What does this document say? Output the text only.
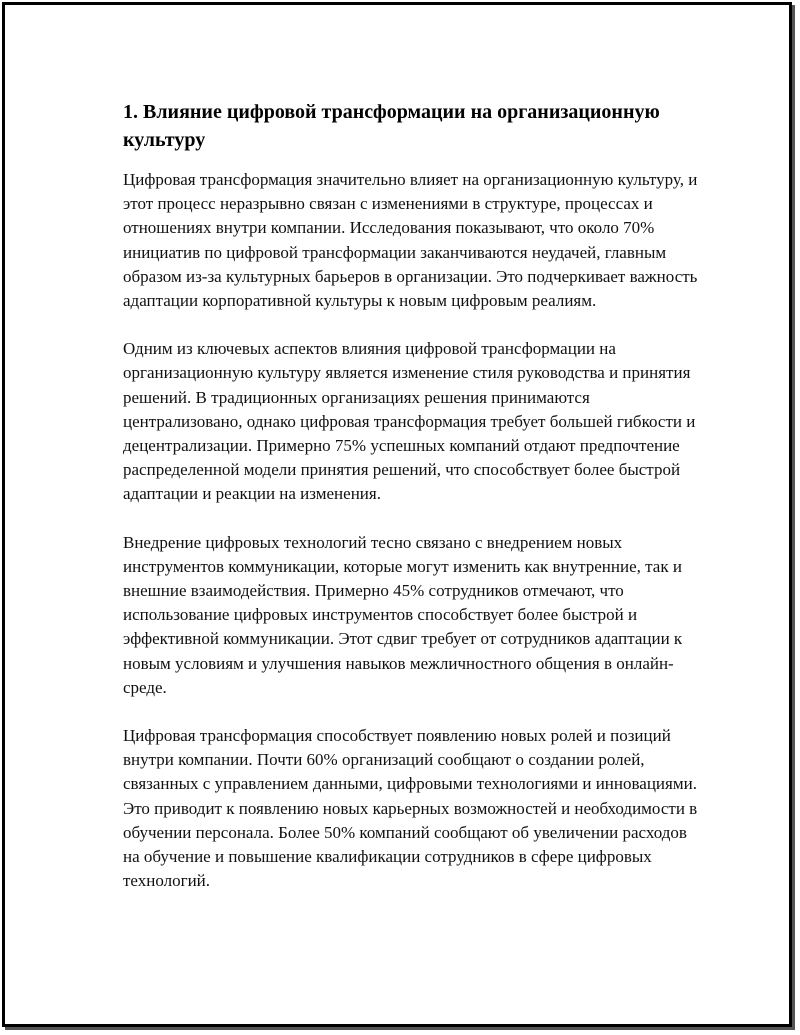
1. Влияние цифровой трансформации на организационную культуру

Цифровая трансформация значительно влияет на организационную культуру, и этот процесс неразрывно связан с изменениями в структуре, процессах и отношениях внутри компании. Исследования показывают, что около 70% инициатив по цифровой трансформации заканчиваются неудачей, главным образом из-за культурных барьеров в организации. Это подчеркивает важность адаптации корпоративной культуры к новым цифровым реалиям.

Одним из ключевых аспектов влияния цифровой трансформации на организационную культуру является изменение стиля руководства и принятия решений. В традиционных организациях решения принимаются централизовано, однако цифровая трансформация требует большей гибкости и децентрализации. Примерно 75% успешных компаний отдают предпочтение распределенной модели принятия решений, что способствует более быстрой адаптации и реакции на изменения.

Внедрение цифровых технологий тесно связано с внедрением новых инструментов коммуникации, которые могут изменить как внутренние, так и внешние взаимодействия. Примерно 45% сотрудников отмечают, что использование цифровых инструментов способствует более быстрой и эффективной коммуникации. Этот сдвиг требует от сотрудников адаптации к новым условиям и улучшения навыков межличностного общения в онлайн-среде.

Цифровая трансформация способствует появлению новых ролей и позиций внутри компании. Почти 60% организаций сообщают о создании ролей, связанных с управлением данными, цифровыми технологиями и инновациями. Это приводит к появлению новых карьерных возможностей и необходимости в обучении персонала. Более 50% компаний сообщают об увеличении расходов на обучение и повышение квалификации сотрудников в сфере цифровых технологий.
